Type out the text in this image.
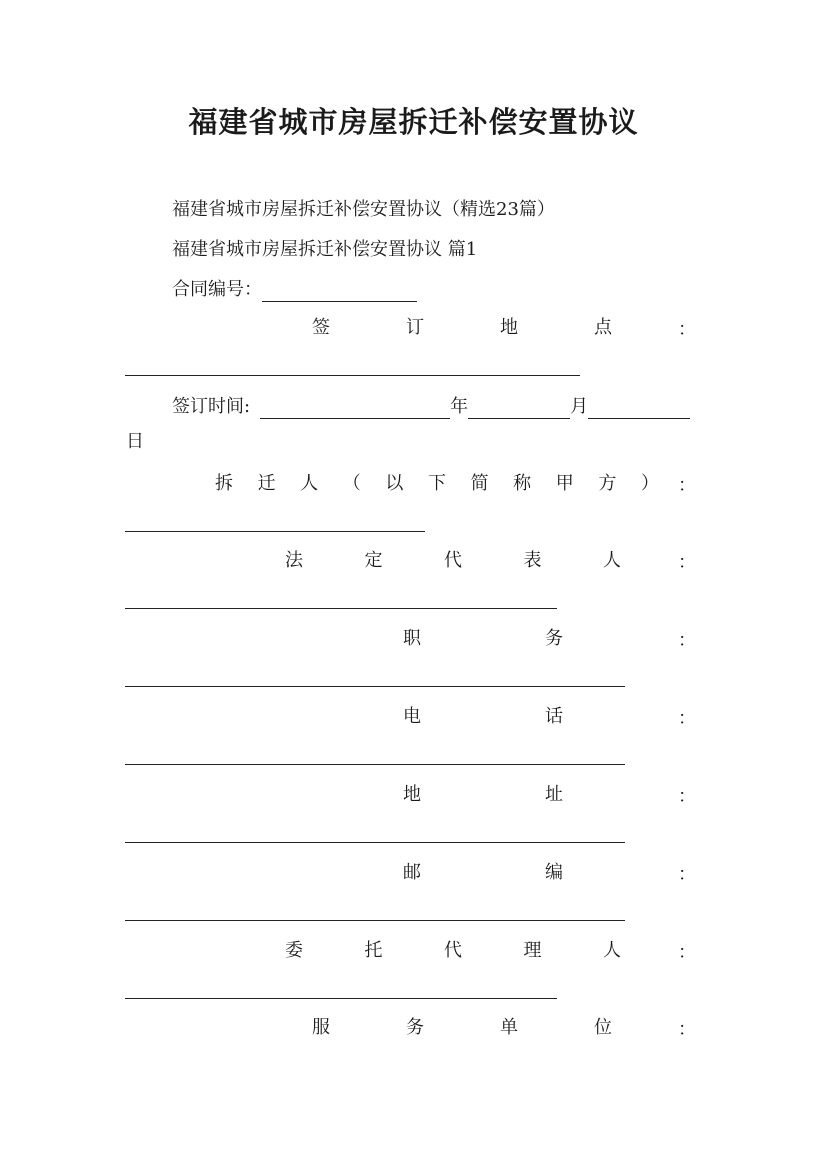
福建省城市房屋拆迁补偿安置协议
福建省城市房屋拆迁补偿安置协议（精选23篇）
福建省城市房屋拆迁补偿安置协议 篇1
合同编号：
签	订	地	点	：
签订时间:	年	月
日
拆 迁 人 （ 以 下 简 称 甲 方 ） ：
法	定	代	表	人	：
职	务	：
电	话	：
地	址	：
邮	编	：
委	托	代	理	人	：
服	务	单	位	：
